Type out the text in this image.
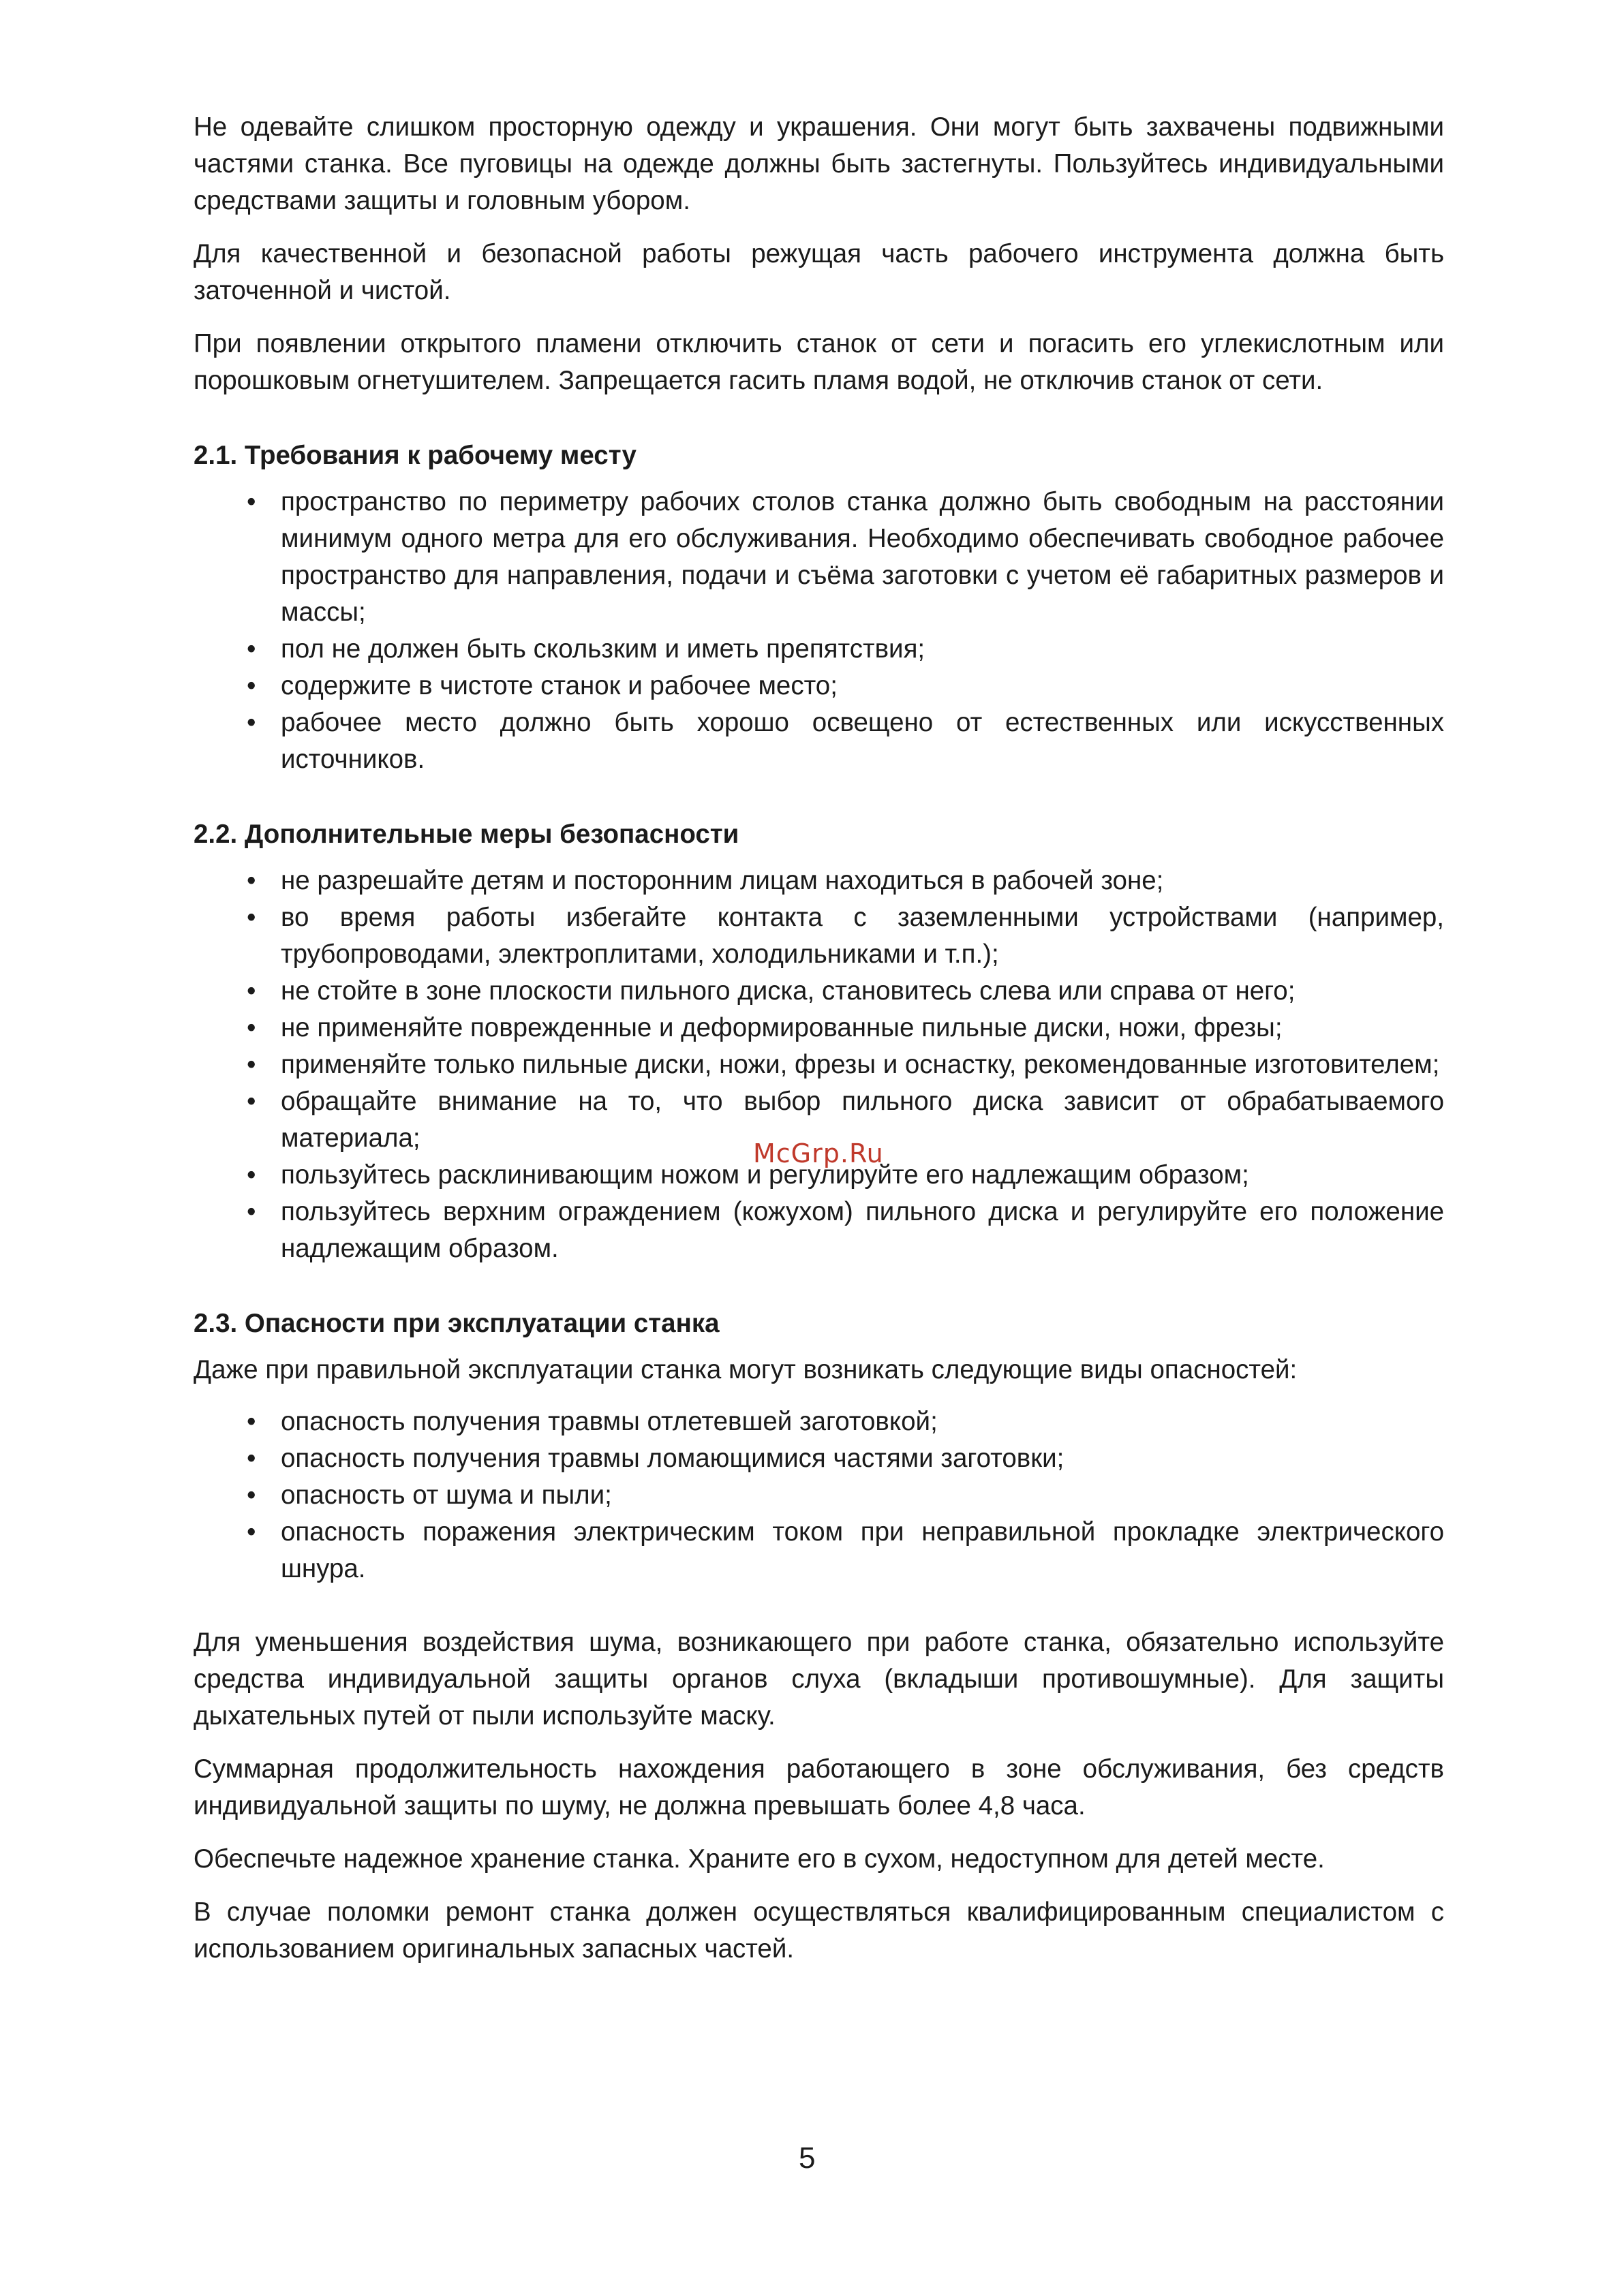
Не одевайте слишком просторную одежду и украшения. Они могут быть захвачены подвижными частями станка. Все пуговицы на одежде должны быть застегнуты. Пользуйтесь индивидуальными средствами защиты и головным убором.

Для качественной и безопасной работы режущая часть рабочего инструмента должна быть заточенной и чистой.

При появлении открытого пламени отключить станок от сети и погасить его углекислотным или порошковым огнетушителем. Запрещается гасить пламя водой, не отключив станок от сети.

2.1. Требования к рабочему месту
• пространство по периметру рабочих столов станка должно быть свободным на расстоянии минимум одного метра для его обслуживания. Необходимо обеспечивать свободное рабочее пространство для направления, подачи и съёма заготовки с учетом её габаритных размеров и массы;
• пол не должен быть скользким и иметь препятствия;
• содержите в чистоте станок и рабочее место;
• рабочее место должно быть хорошо освещено от естественных или искусственных источников.
2.2. Дополнительные меры безопасности
• не разрешайте детям и посторонним лицам находиться в рабочей зоне;
• во время работы избегайте контакта с заземленными устройствами (например, трубопроводами, электроплитами, холодильниками и т.п.);
• не стойте в зоне плоскости пильного диска, становитесь слева или справа от него;
• не применяйте поврежденные и деформированные пильные диски, ножи, фрезы;
• применяйте только пильные диски, ножи, фрезы и оснастку, рекомендованные изготовителем;
• обращайте внимание на то, что выбор пильного диска зависит от обрабатываемого материала;
• пользуйтесь расклинивающим ножом и регулируйте его надлежащим образом;
• пользуйтесь верхним ограждением (кожухом) пильного диска и регулируйте его положение надлежащим образом.
2.3. Опасности при эксплуатации станка

Даже при правильной эксплуатации станка могут возникать следующие виды опасностей:

• опасность получения травмы отлетевшей заготовкой;
• опасность получения травмы ломающимися частями заготовки;
• опасность от шума и пыли;
• опасность поражения электрическим током при неправильной прокладке электрического шнура.

Для уменьшения воздействия шума, возникающего при работе станка, обязательно используйте средства индивидуальной защиты органов слуха (вкладыши противошумные). Для защиты дыхательных путей от пыли используйте маску.

Суммарная продолжительность нахождения работающего в зоне обслуживания, без средств индивидуальной защиты по шуму, не должна превышать более 4,8 часа.

Обеспечьте надежное хранение станка. Храните его в сухом, недоступном для детей месте.

В случае поломки ремонт станка должен осуществляться квалифицированным специалистом с использованием оригинальных запасных частей.

McGrp.Ru
5
